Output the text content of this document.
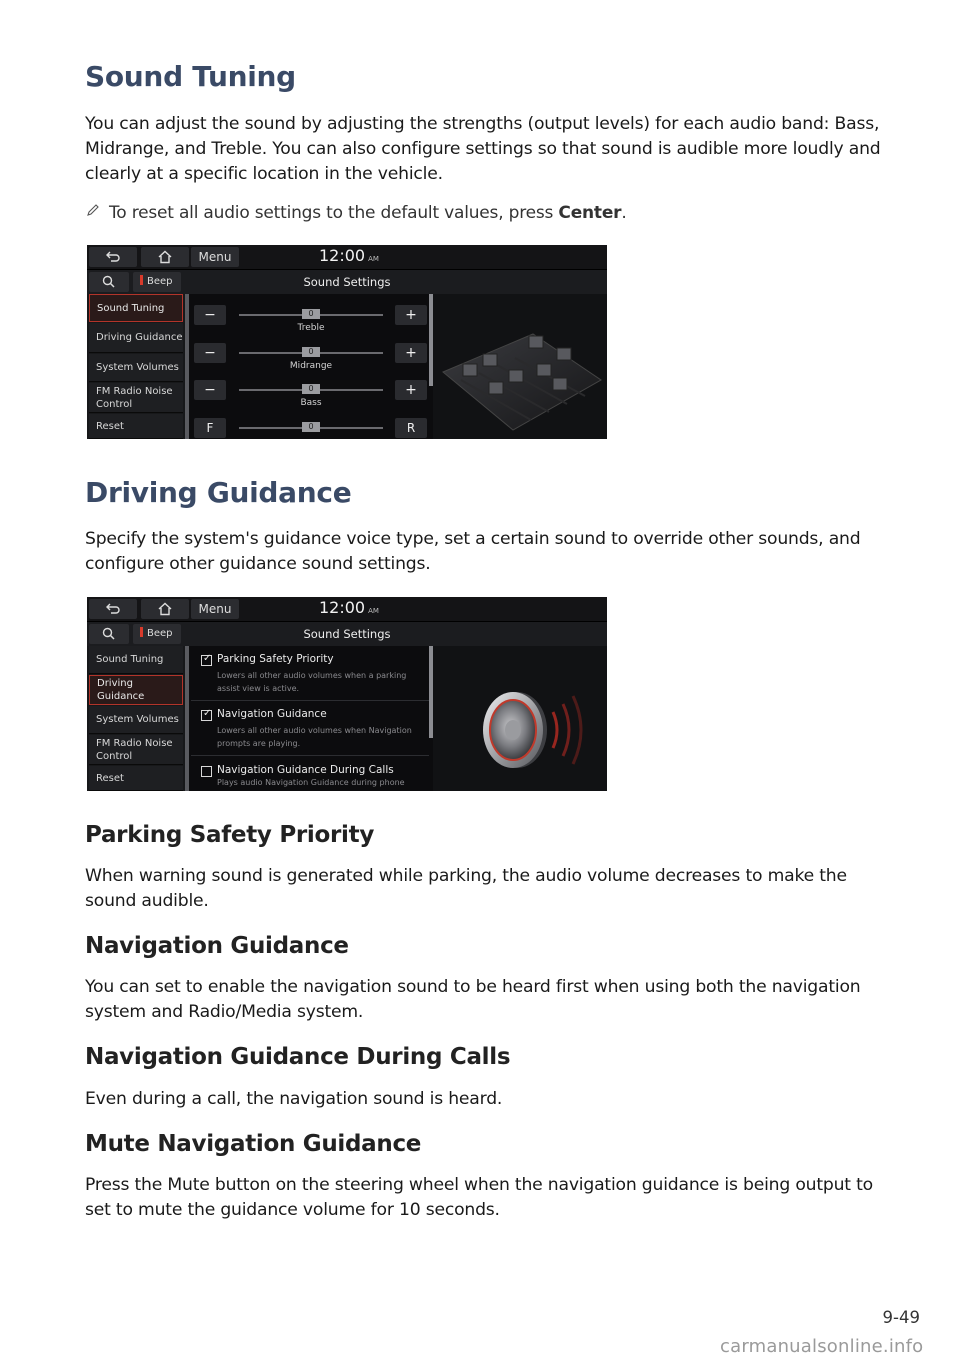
Sound Tuning

You can adjust the sound by adjusting the strengths (output levels) for each audio band: Bass, Midrange, and Treble. You can also configure settings so that sound is audible more loudly and clearly at a specific location in the vehicle.

To reset all audio settings to the default values, press Center.
Menu	12:00 AM
Beep	Sound Settings
Sound Tuning
Driving Guidance
System Volumes
FM Radio Noise Control
Reset
−	0
Treble
+
−	0
Midrange
+
−	0
Bass
+
F	0	R
Driving Guidance

Specify the system's guidance voice type, set a certain sound to override other sounds, and configure other guidance sound settings.

Menu	12:00 AM
Beep	Sound Settings
Sound Tuning
Driving Guidance
System Volumes
FM Radio Noise Control
Reset
✓ Parking Safety Priority
Lowers all other audio volumes when a parking assist view is active.
✓ Navigation Guidance
Lowers all other audio volumes when Navigation prompts are playing.
Navigation Guidance During Calls
Plays audio Navigation Guidance during phone
Parking Safety Priority

When warning sound is generated while parking, the audio volume decreases to make the sound audible.

Navigation Guidance

You can set to enable the navigation sound to be heard first when using both the navigation system and Radio/Media system.

Navigation Guidance During Calls

Even during a call, the navigation sound is heard.

Mute Navigation Guidance

Press the Mute button on the steering wheel when the navigation guidance is being output to set to mute the guidance volume for 10 seconds.

9-49
carmanualsonline.info
